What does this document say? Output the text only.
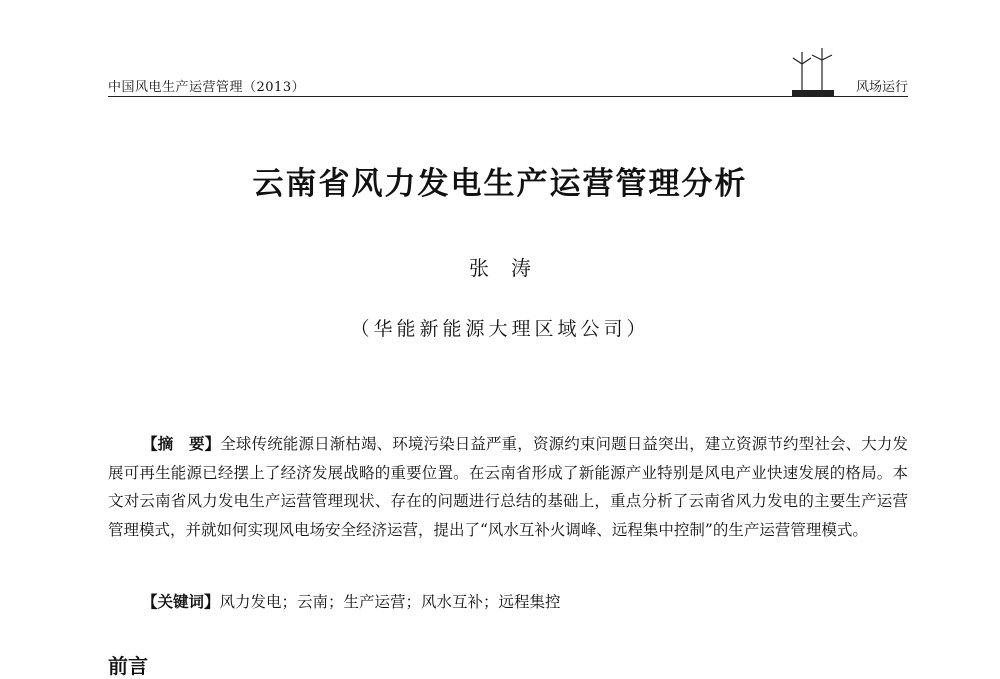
中国风电生产运营管理（2013）	风场运行
云南省风力发电生产运营管理分析
张涛
（华能新能源大理区域公司）
【摘　要】全球传统能源日渐枯竭、环境污染日益严重，资源约束问题日益突出，建立资源节约型社会、大力发展可再生能源已经摆上了经济发展战略的重要位置。在云南省形成了新能源产业特别是风电产业快速发展的格局。本文对云南省风力发电生产运营管理现状、存在的问题进行总结的基础上，重点分析了云南省风力发电的主要生产运营管理模式，并就如何实现风电场安全经济运营，提出了“风水互补火调峰、远程集中控制”的生产运营管理模式。
【关键词】风力发电；云南；生产运营；风水互补；远程集控
前言
